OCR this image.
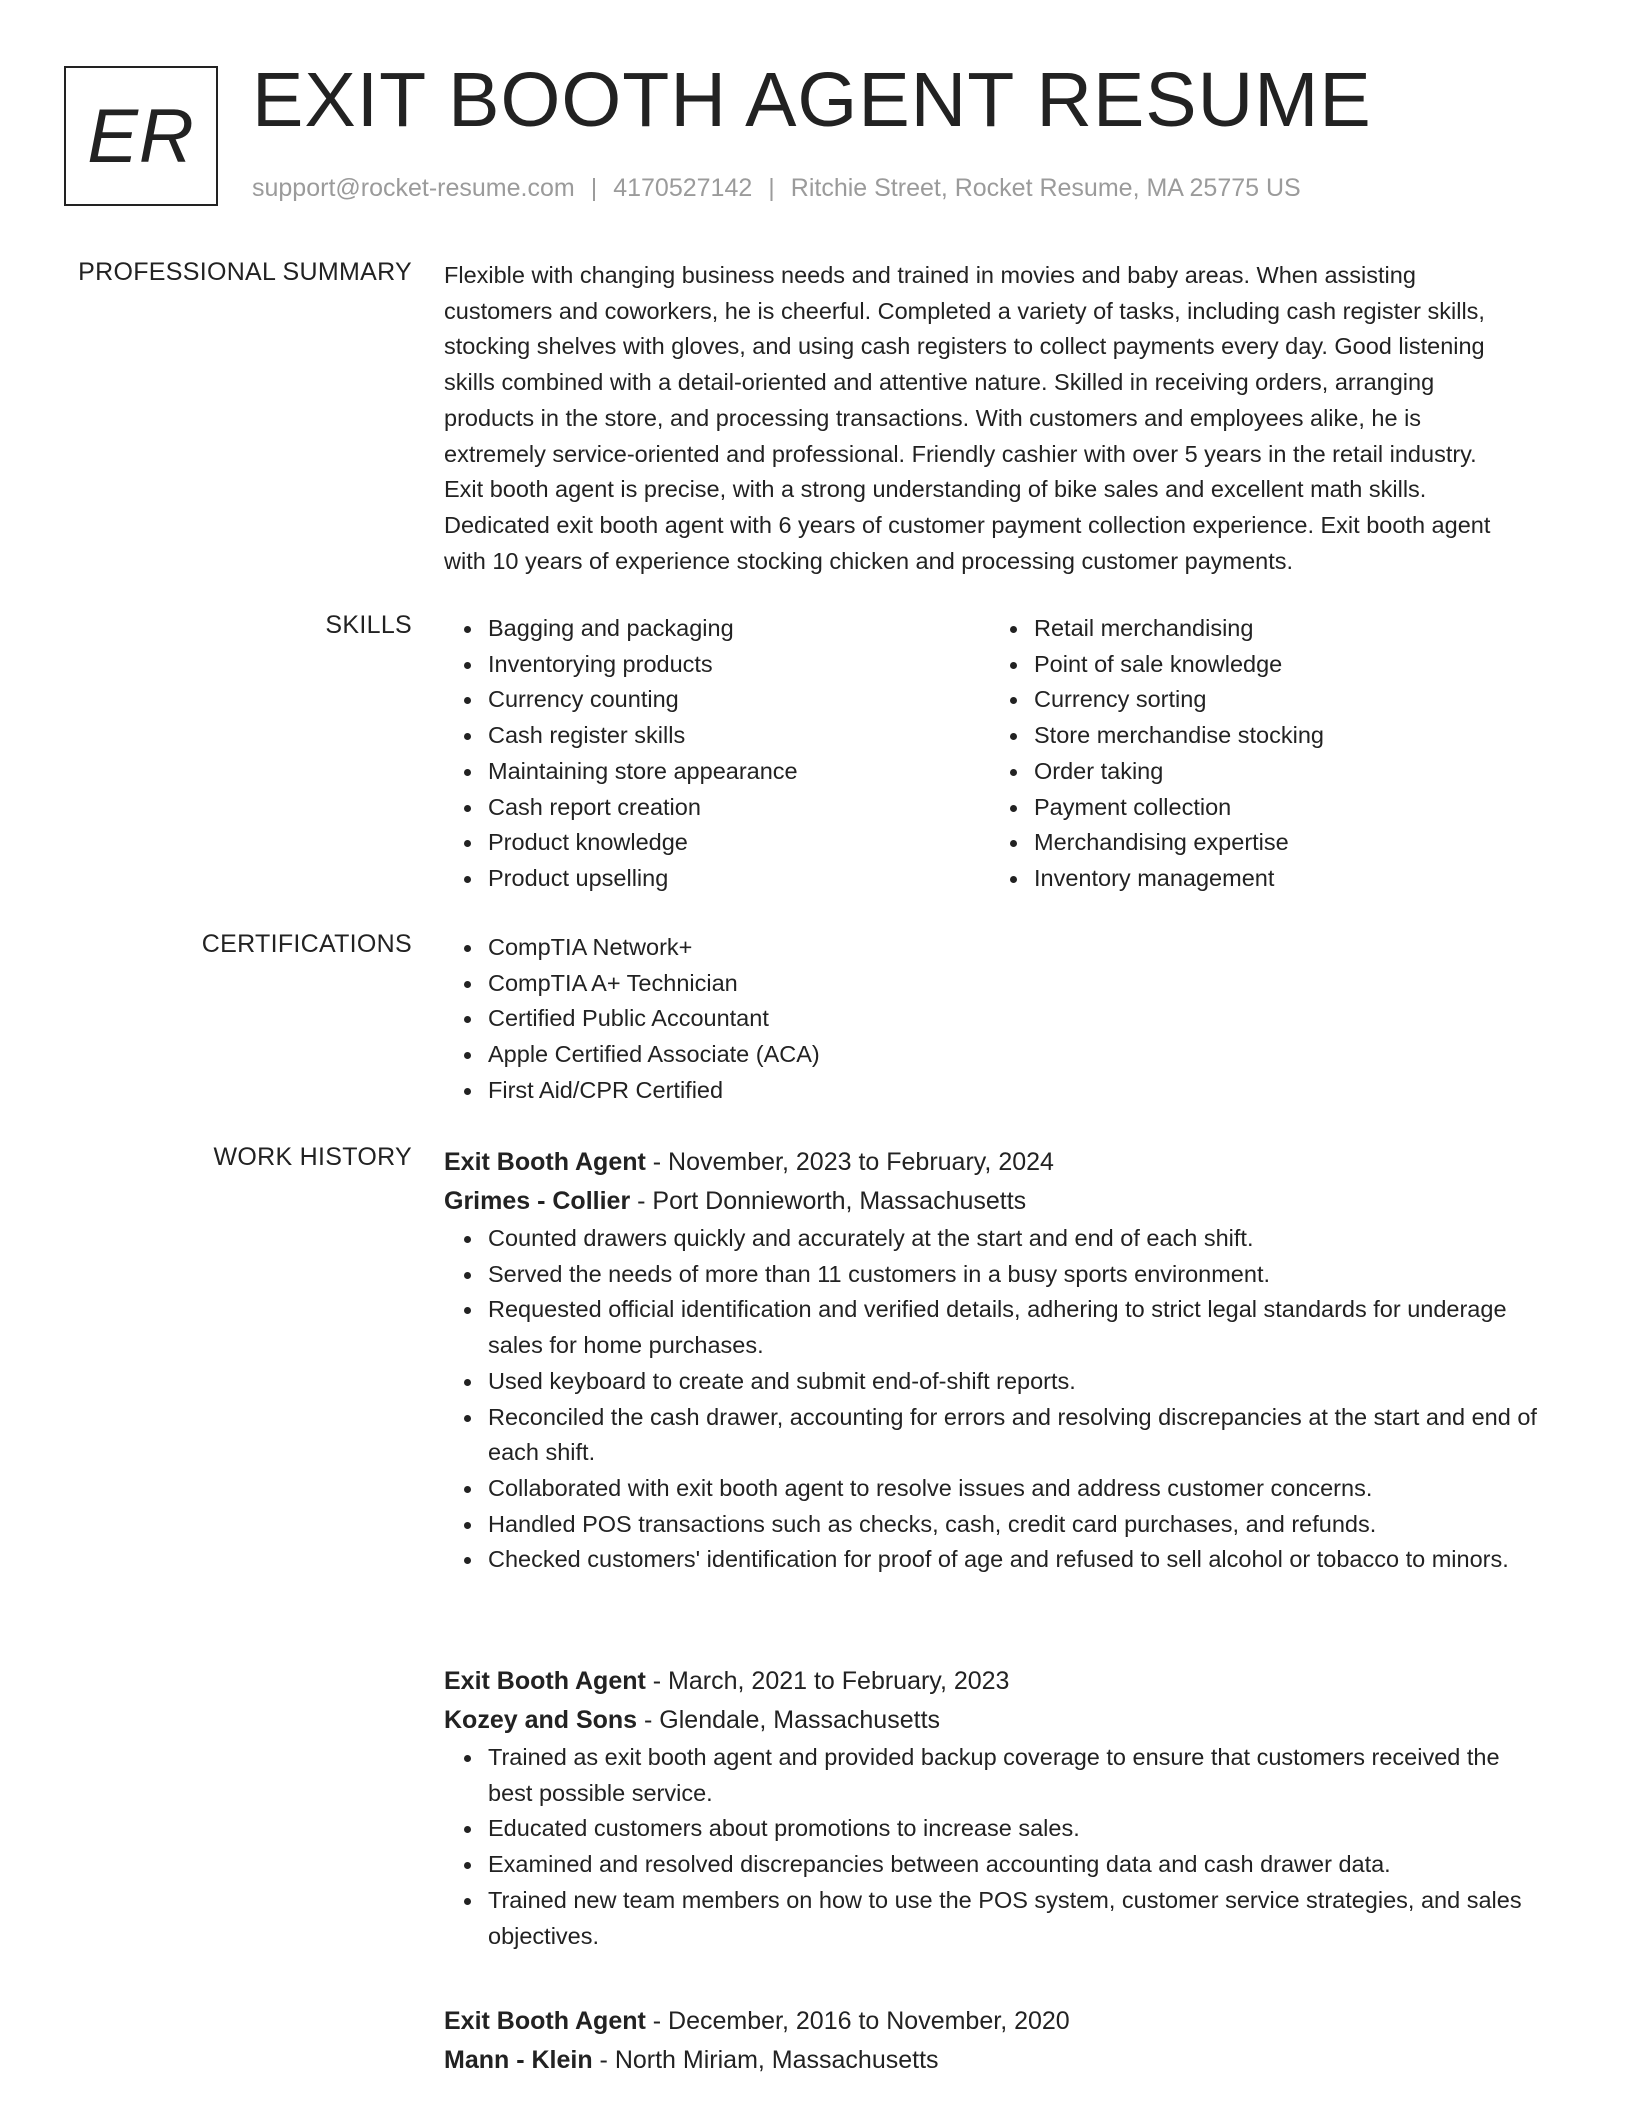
ER EXIT BOOTH AGENT RESUME
support@rocket-resume.com | 4170527142 | Ritchie Street, Rocket Resume, MA 25775 US
PROFESSIONAL SUMMARY Flexible with changing business needs and trained in movies and baby areas. When assisting

customers and coworkers, he is cheerful. Completed a variety of tasks, including cash register skills,

stocking shelves with gloves, and using cash registers to collect payments every day. Good listening

skills combined with a detail-oriented and attentive nature. Skilled in receiving orders, arranging

products in the store, and processing transactions. With customers and employees alike, he is

extremely service-oriented and professional. Friendly cashier with over 5 years in the retail industry.

Exit booth agent is precise, with a strong understanding of bike sales and excellent math skills.

Dedicated exit booth agent with 6 years of customer payment collection experience. Exit booth agent

with 10 years of experience stocking chicken and processing customer payments.

SKILLS	Bagging and packaging
Inventorying products
Currency counting
Cash register skills
Maintaining store appearance
Cash report creation
Product knowledge
Product upselling
Retail merchandising
Point of sale knowledge
Currency sorting
Store merchandise stocking
Order taking
Payment collection
Merchandising expertise
Inventory management
CERTIFICATIONS	CompTIA Network+
CompTIA A+ Technician
Certified Public Accountant
Apple Certified Associate (ACA)
First Aid/CPR Certified
WORK HISTORY Exit Booth Agent - November, 2023 to February, 2024
Grimes - Collier - Port Donnieworth, Massachusetts
Counted drawers quickly and accurately at the start and end of each shift.
Served the needs of more than 11 customers in a busy sports environment.
Requested official identification and verified details, adhering to strict legal standards for underage sales for home purchases.
Used keyboard to create and submit end-of-shift reports.
Reconciled the cash drawer, accounting for errors and resolving discrepancies at the start and end of each shift.
Collaborated with exit booth agent to resolve issues and address customer concerns.
Handled POS transactions such as checks, cash, credit card purchases, and refunds.
Checked customers' identification for proof of age and refused to sell alcohol or tobacco to minors.
Exit Booth Agent - March, 2021 to February, 2023
Kozey and Sons - Glendale, Massachusetts
Trained as exit booth agent and provided backup coverage to ensure that customers received the best possible service.
Educated customers about promotions to increase sales.
Examined and resolved discrepancies between accounting data and cash drawer data.
Trained new team members on how to use the POS system, customer service strategies, and sales objectives.
Exit Booth Agent - December, 2016 to November, 2020
Mann - Klein - North Miriam, Massachusetts
